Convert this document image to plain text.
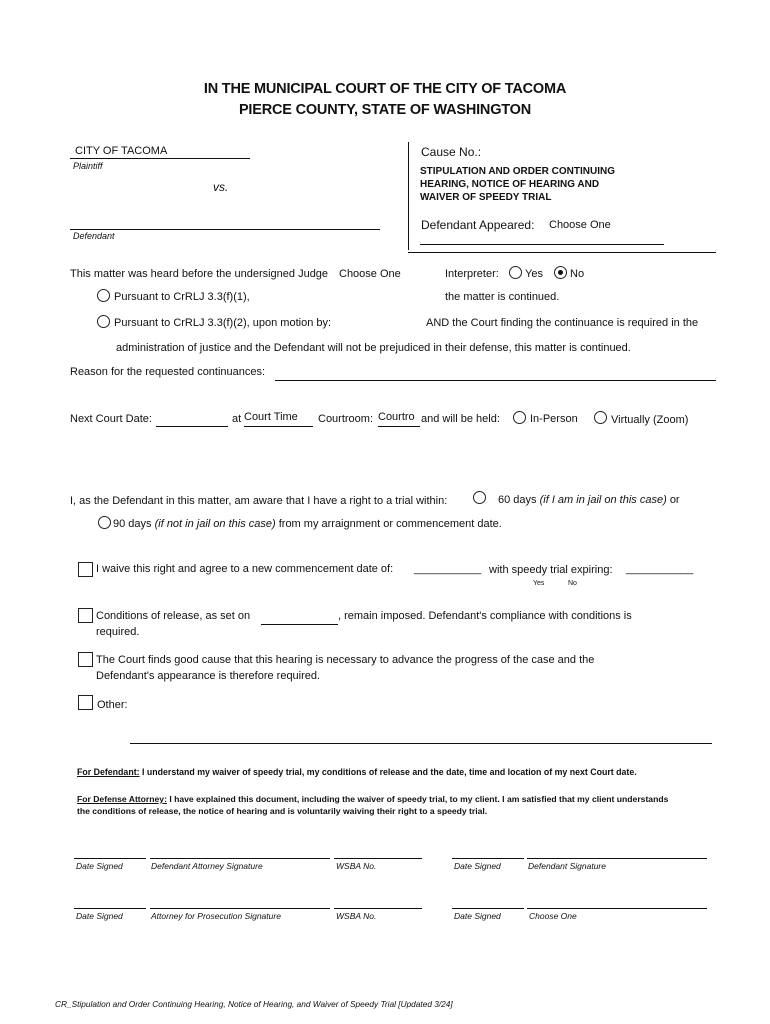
IN THE MUNICIPAL COURT OF THE CITY OF TACOMA
PIERCE COUNTY, STATE OF WASHINGTON
CITY OF TACOMA
Plaintiff
vs.
Defendant
Cause No.:
STIPULATION AND ORDER CONTINUING
HEARING, NOTICE OF HEARING AND
WAIVER OF SPEEDY TRIAL
Defendant Appeared: Choose One
This matter was heard before the undersigned Judge Choose One	Interpreter: Yes No
Pursuant to CrRLJ 3.3(f)(1),	the matter is continued.
Pursuant to CrRLJ 3.3(f)(2), upon motion by:	AND the Court finding the continuance is required in the
administration of justice and the Defendant will not be prejudiced in their defense, this matter is continued.
Reason for the requested continuances:
Next Court Date:	at Court Time	Courtroom: Courtro and will be held:	In-Person	Virtually (Zoom)
I, as the Defendant in this matter, am aware that I have a right to a trial within:	60 days (if I am in jail on this case) or
90 days (if not in jail on this case) from my arraignment or commencement date.
I waive this right and agree to a new commencement date of: ___________ with speedy trial expiring: ___________
Yes	No
Conditions of release, as set on	, remain imposed. Defendant's compliance with conditions is
required.
The Court finds good cause that this hearing is necessary to advance the progress of the case and the
Defendant's appearance is therefore required.
Other:
For Defendant: I understand my waiver of speedy trial, my conditions of release and the date, time and location of my next Court date.
For Defense Attorney: I have explained this document, including the waiver of speedy trial, to my client. I am satisfied that my client understands
the conditions of release, the notice of hearing and is voluntarily waiving their right to a speedy trial.
Date Signed	Defendant Attorney Signature	WSBA No.	Date Signed	Defendant Signature
Date Signed	Attorney for Prosecution Signature	WSBA No.	Date Signed	Choose One
CR_Stipulation and Order Continuing Hearing, Notice of Hearing, and Waiver of Speedy Trial [Updated 3/24]
